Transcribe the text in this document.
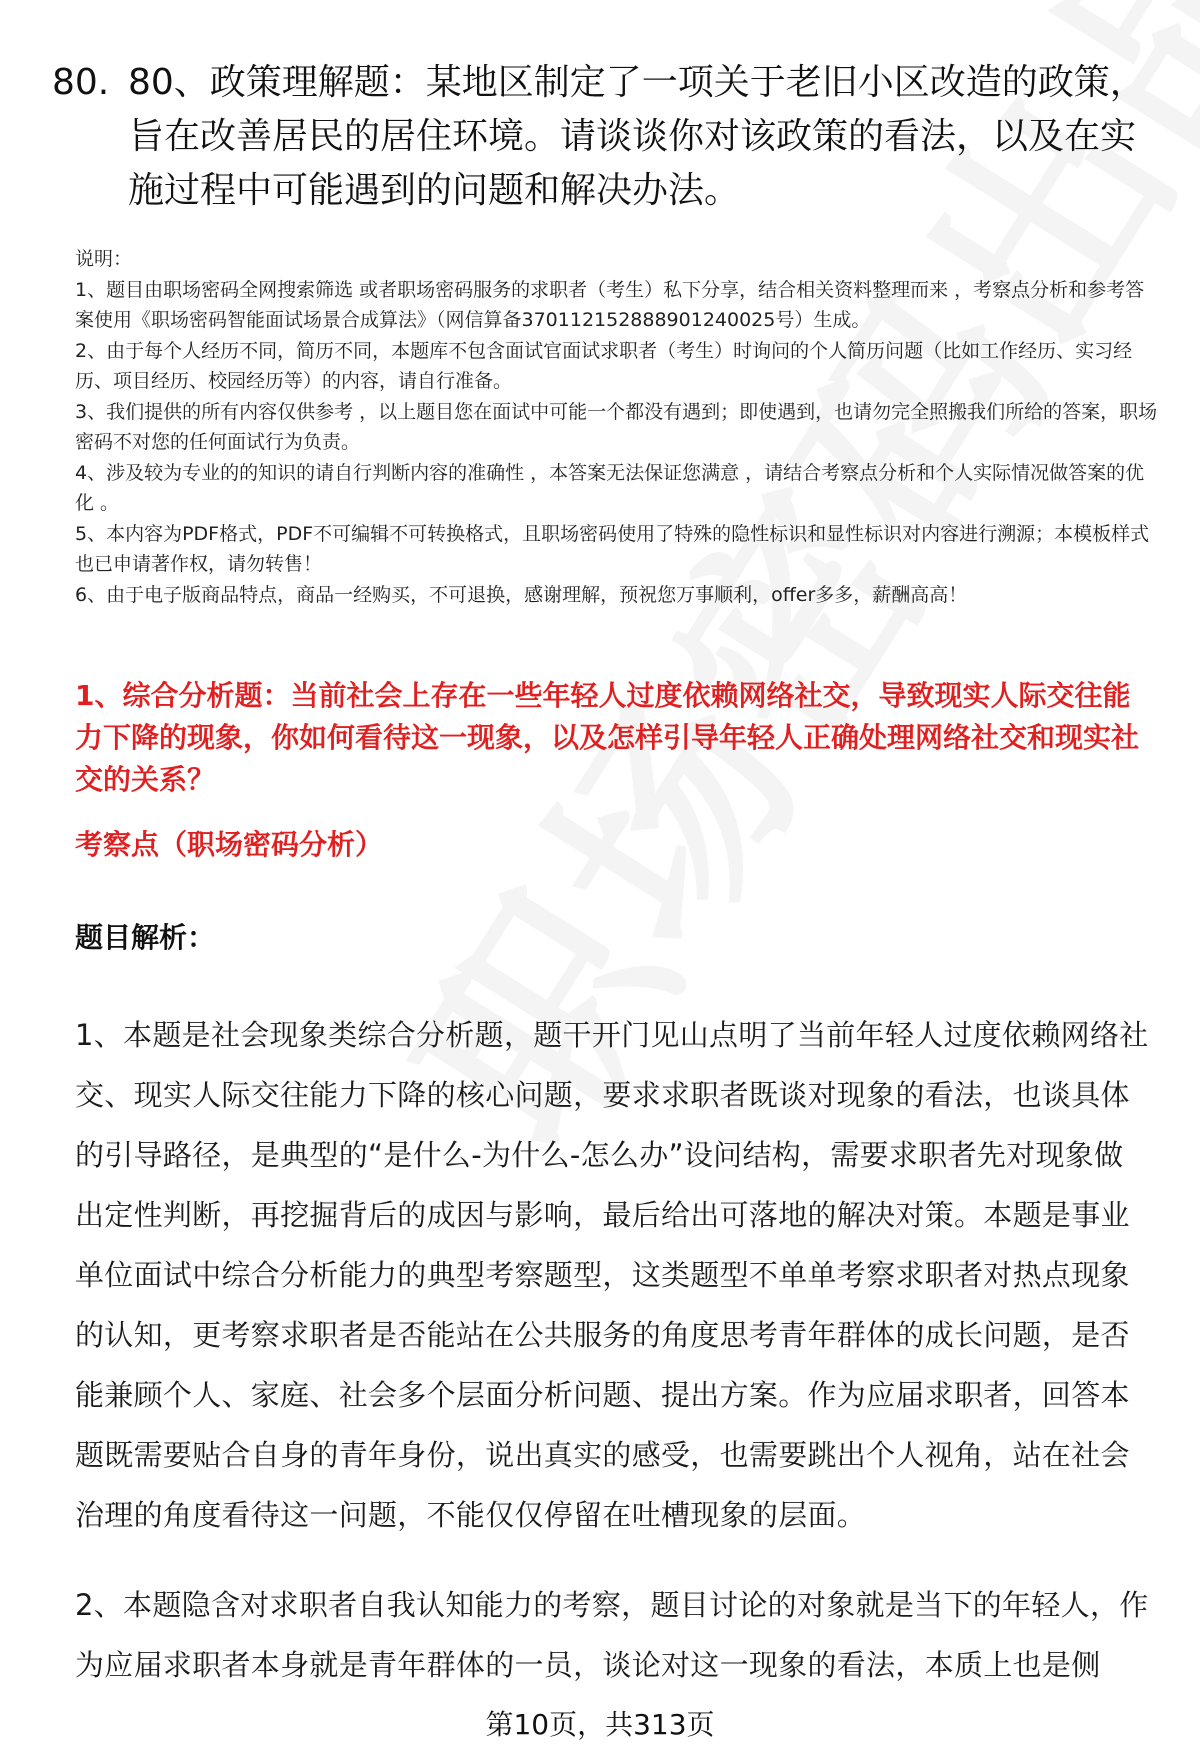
80. 80、政策理解题：某地区制定了一项关于老旧小区改造的政策，旨在改善居民的居住环境。请谈谈你对该政策的看法，以及在实施过程中可能遇到的问题和解决办法。
说明：
1、题目由职场密码全网搜索筛选 或者职场密码服务的求职者（考生）私下分享，结合相关资料整理而来 ，考察点分析和参考答案使用《职场密码智能面试场景合成算法》（网信算备370112152888901240025号）生成。
2、由于每个人经历不同，简历不同，本题库不包含面试官面试求职者（考生）时询问的个人简历问题（比如工作经历、实习经历、项目经历、校园经历等）的内容，请自行准备。
3、我们提供的所有内容仅供参考 ，以上题目您在面试中可能一个都没有遇到；即使遇到，也请勿完全照搬我们所给的答案，职场密码不对您的任何面试行为负责。
4、涉及较为专业的的知识的请自行判断内容的准确性 ，本答案无法保证您满意 ，请结合考察点分析和个人实际情况做答案的优化 。
5、本内容为PDF格式，PDF不可编辑不可转换格式，且职场密码使用了特殊的隐性标识和显性标识对内容进行溯源；本模板样式也已申请著作权，请勿转售！
6、由于电子版商品特点，商品一经购买，不可退换，感谢理解，预祝您万事顺利，offer多多，薪酬高高！
1、综合分析题：当前社会上存在一些年轻人过度依赖网络社交，导致现实人际交往能力下降的现象，你如何看待这一现象，以及怎样引导年轻人正确处理网络社交和现实社交的关系？
考察点（职场密码分析）
题目解析：
1、本题是社会现象类综合分析题，题干开门见山点明了当前年轻人过度依赖网络社交、现实人际交往能力下降的核心问题，要求求职者既谈对现象的看法，也谈具体的引导路径，是典型的“是什么-为什么-怎么办”设问结构，需要求职者先对现象做出定性判断，再挖掘背后的成因与影响，最后给出可落地的解决对策。本题是事业单位面试中综合分析能力的典型考察题型，这类题型不单单考察求职者对热点现象的认知，更考察求职者是否能站在公共服务的角度思考青年群体的成长问题，是否能兼顾个人、家庭、社会多个层面分析问题、提出方案。作为应届求职者，回答本题既需要贴合自身的青年身份，说出真实的感受，也需要跳出个人视角，站在社会治理的角度看待这一问题，不能仅仅停留在吐槽现象的层面。
2、本题隐含对求职者自我认知能力的考察，题目讨论的对象就是当下的年轻人，作为应届求职者本身就是青年群体的一员，谈论对这一现象的看法，本质上也是侧
第10页，共313页
